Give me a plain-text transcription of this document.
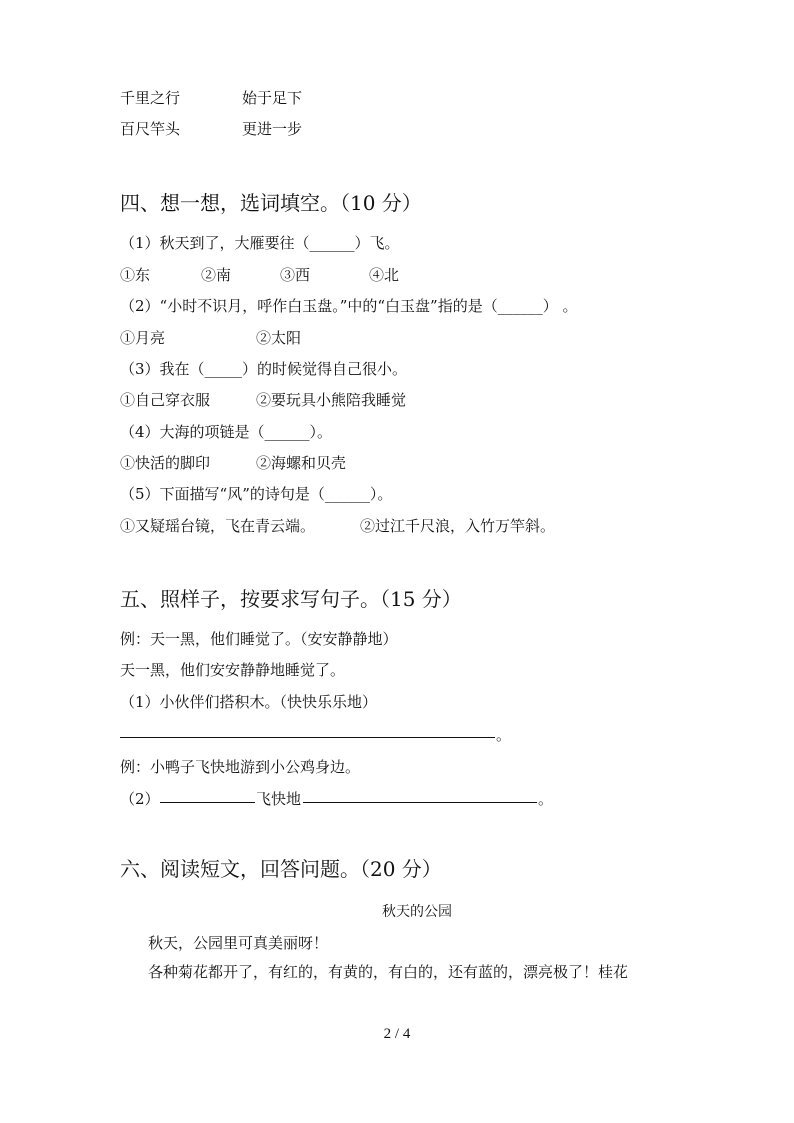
千里之行	始于足下
百尺竿头	更进一步
四、想一想，选词填空。（10 分）
（1）秋天到了，大雁要往（______）飞。
①东	②南	③西	④北
（2）“小时不识月，呼作白玉盘。”中的“白玉盘”指的是（______） 。
①月亮	②太阳
（3）我在（_____）的时候觉得自己很小。
①自己穿衣服	②要玩具小熊陪我睡觉
（4）大海的项链是（______）。
①快活的脚印	②海螺和贝壳
（5）下面描写“风”的诗句是（______）。
①又疑瑶台镜，飞在青云端。	②过江千尺浪，入竹万竿斜。
五、照样子，按要求写句子。（15 分）
例：天一黑，他们睡觉了。（安安静静地）
天一黑，他们安安静静地睡觉了。
（1）小伙伴们搭积木。（快快乐乐地）
。
例：小鸭子飞快地游到小公鸡身边。
（2）	飞快地	。
六、阅读短文，回答问题。（20 分）
秋天的公园
秋天，公园里可真美丽呀！
各种菊花都开了，有红的，有黄的，有白的，还有蓝的，漂亮极了！桂花
2 / 4
